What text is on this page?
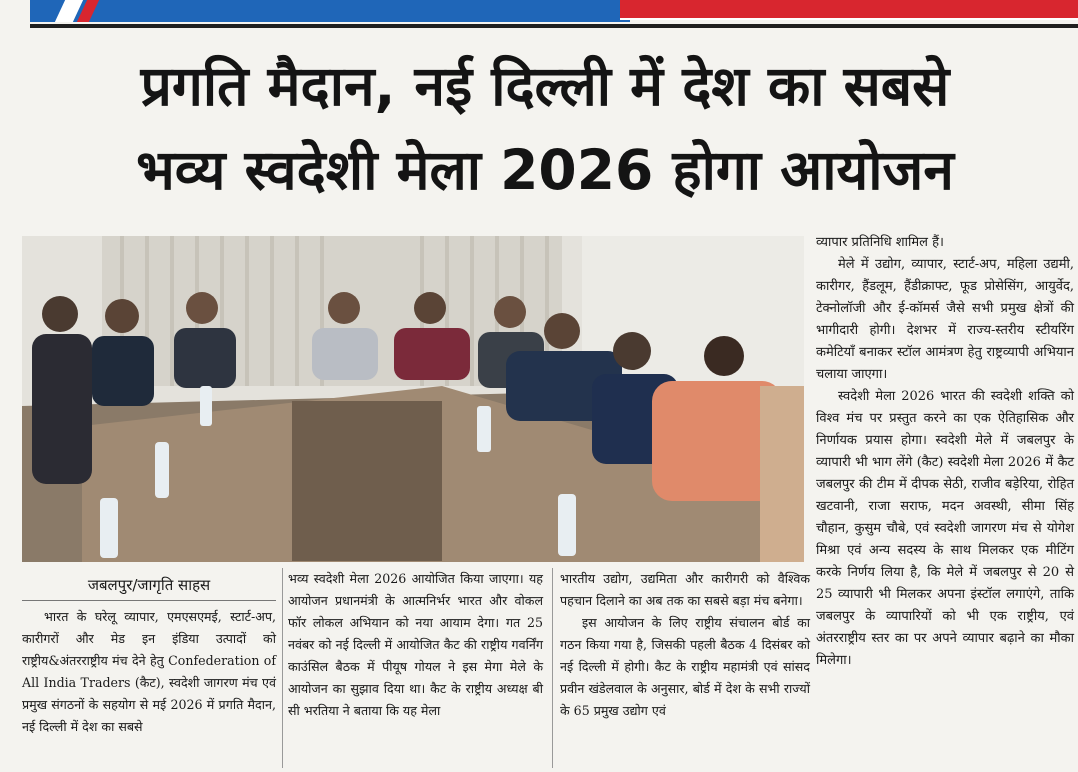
प्रगति मैदान, नई दिल्ली में देश का सबसे
भव्य स्वदेशी मेला 2026 होगा आयोजन
जबलपुर/जागृति साहस

भारत के घरेलू व्यापार, एमएसएमई, स्टार्ट-अप, कारीगरों और मेड इन इंडिया उत्पादों को राष्ट्रीय&अंतरराष्ट्रीय मंच देने हेतु Confederation of All India Traders (कैट), स्वदेशी जागरण मंच एवं प्रमुख संगठनों के सहयोग से मई 2026 में प्रगति मैदान, नई दिल्ली में देश का सबसे

भव्य स्वदेशी मेला 2026 आयोजित किया जाएगा। यह आयोजन प्रधानमंत्री के आत्मनिर्भर भारत और वोकल फॉर लोकल अभियान को नया आयाम देगा। गत 25 नवंबर को नई दिल्ली में आयोजित कैट की राष्ट्रीय गवर्निंग काउंसिल बैठक में पीयूष गोयल ने इस मेगा मेले के आयोजन का सुझाव दिया था। कैट के राष्ट्रीय अध्यक्ष बी सी भरतिया ने बताया कि यह मेला

भारतीय उद्योग, उद्यमिता और कारीगरी को वैश्विक पहचान दिलाने का अब तक का सबसे बड़ा मंच बनेगा।

इस आयोजन के लिए राष्ट्रीय संचालन बोर्ड का गठन किया गया है, जिसकी पहली बैठक 4 दिसंबर को नई दिल्ली में होगी। कैट के राष्ट्रीय महामंत्री एवं सांसद प्रवीन खंडेलवाल के अनुसार, बोर्ड में देश के सभी राज्यों के 65 प्रमुख उद्योग एवं

व्यापार प्रतिनिधि शामिल हैं।

मेले में उद्योग, व्यापार, स्टार्ट-अप, महिला उद्यमी, कारीगर, हैंडलूम, हैंडीक्राफ्ट, फूड प्रोसेसिंग, आयुर्वेद, टेक्नोलॉजी और ई-कॉमर्स जैसे सभी प्रमुख क्षेत्रों की भागीदारी होगी। देशभर में राज्य-स्तरीय स्टीयरिंग कमेटियाँ बनाकर स्टॉल आमंत्रण हेतु राष्ट्रव्यापी अभियान चलाया जाएगा।

स्वदेशी मेला 2026 भारत की स्वदेशी शक्ति को विश्व मंच पर प्रस्तुत करने का एक ऐतिहासिक और निर्णायक प्रयास होगा। स्वदेशी मेले में जबलपुर के व्यापारी भी भाग लेंगे (कैट) स्वदेशी मेला 2026 में कैट जबलपुर की टीम में दीपक सेठी, राजीव बड़ेरिया, रोहित खटवानी, राजा सराफ, मदन अवस्थी, सीमा सिंह चौहान, कुसुम चौबे, एवं स्वदेशी जागरण मंच से योगेश मिश्रा एवं अन्य सदस्य के साथ मिलकर एक मीटिंग करके निर्णय लिया है, कि मेले में जबलपुर से 20 से 25 व्यापारी भी मिलकर अपना इंस्टॉल लगाएंगे, ताकि जबलपुर के व्यापारियों को भी एक राष्ट्रीय, एवं अंतरराष्ट्रीय स्तर का पर अपने व्यापार बढ़ाने का मौका मिलेगा।
